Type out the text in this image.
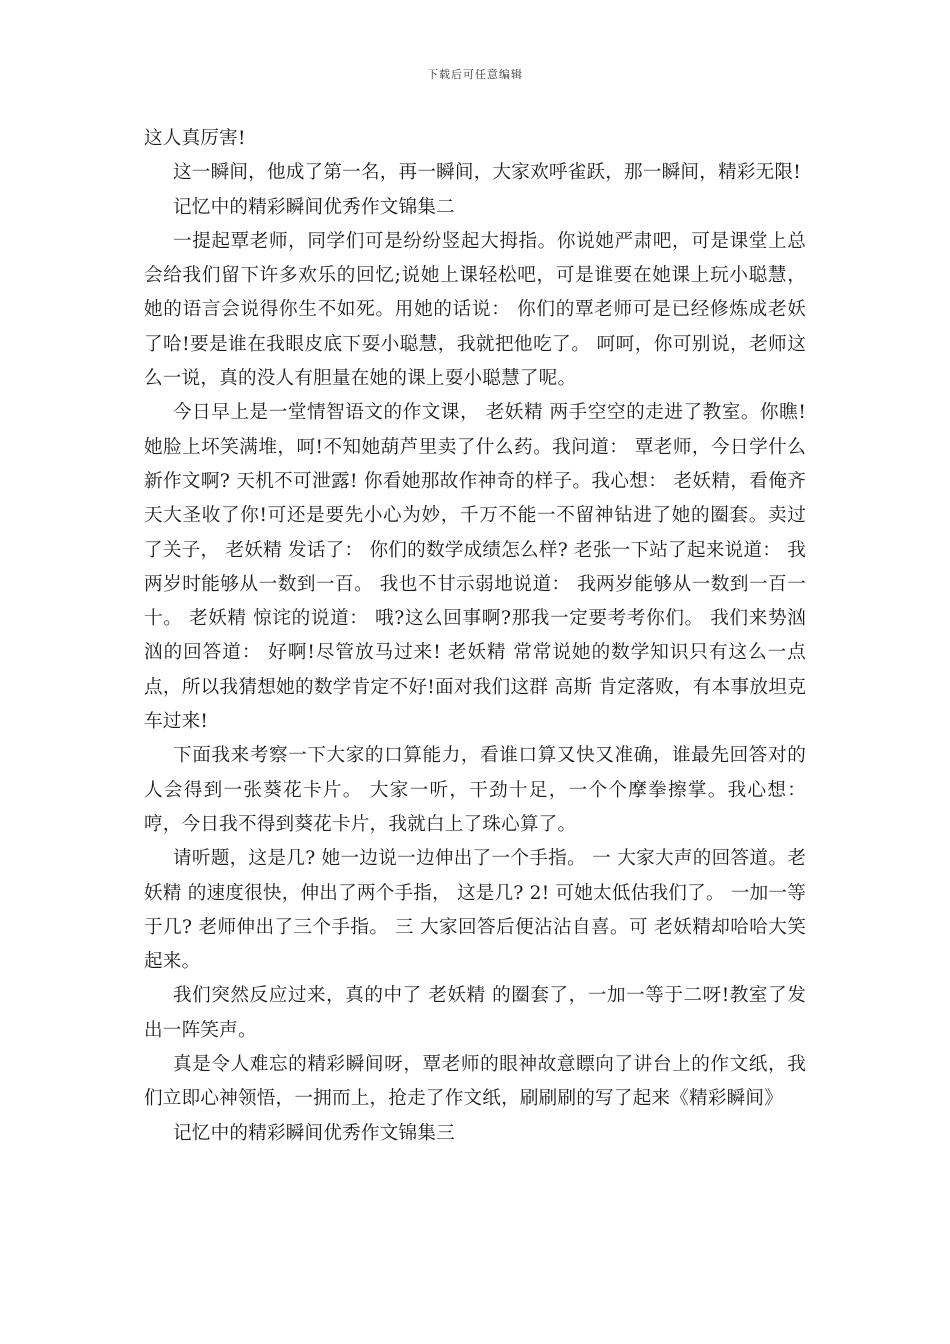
下载后可任意编辑

这人真厉害!

这一瞬间，他成了第一名，再一瞬间，大家欢呼雀跃，那一瞬间，精彩无限!

记忆中的精彩瞬间优秀作文锦集二

一提起覃老师，同学们可是纷纷竖起大拇指。你说她严肃吧，可是课堂上总会给我们留下许多欢乐的回忆;说她上课轻松吧，可是谁要在她课上玩小聪慧，她的语言会说得你生不如死。用她的话说： 你们的覃老师可是已经修炼成老妖了哈!要是谁在我眼皮底下耍小聪慧，我就把他吃了。 呵呵，你可别说，老师这么一说，真的没人有胆量在她的课上耍小聪慧了呢。

今日早上是一堂情智语文的作文课， 老妖精 两手空空的走进了教室。你瞧!她脸上坏笑满堆，呵!不知她葫芦里卖了什么药。我问道： 覃老师，今日学什么新作文啊? 天机不可泄露! 你看她那故作神奇的样子。我心想： 老妖精，看俺齐天大圣收了你!可还是要先小心为妙，千万不能一不留神钻进了她的圈套。卖过了关子， 老妖精 发话了： 你们的数学成绩怎么样? 老张一下站了起来说道： 我两岁时能够从一数到一百。 我也不甘示弱地说道： 我两岁能够从一数到一百一十。 老妖精 惊诧的说道： 哦?这么回事啊?那我一定要考考你们。 我们来势汹汹的回答道： 好啊!尽管放马过来! 老妖精 常常说她的数学知识只有这么一点点，所以我猜想她的数学肯定不好!面对我们这群 高斯 肯定落败，有本事放坦克车过来!

下面我来考察一下大家的口算能力，看谁口算又快又准确，谁最先回答对的人会得到一张葵花卡片。 大家一听，干劲十足，一个个摩拳擦掌。我心想：哼，今日我不得到葵花卡片，我就白上了珠心算了。

请听题，这是几? 她一边说一边伸出了一个手指。 一 大家大声的回答道。老妖精 的速度很快，伸出了两个手指， 这是几? 2! 可她太低估我们了。 一加一等于几? 老师伸出了三个手指。 三 大家回答后便沾沾自喜。可 老妖精却哈哈大笑起来。

我们突然反应过来，真的中了 老妖精 的圈套了，一加一等于二呀!教室了发出一阵笑声。

真是令人难忘的精彩瞬间呀，覃老师的眼神故意瞟向了讲台上的作文纸，我们立即心神领悟，一拥而上，抢走了作文纸，刷刷刷的写了起来《精彩瞬间》

记忆中的精彩瞬间优秀作文锦集三
